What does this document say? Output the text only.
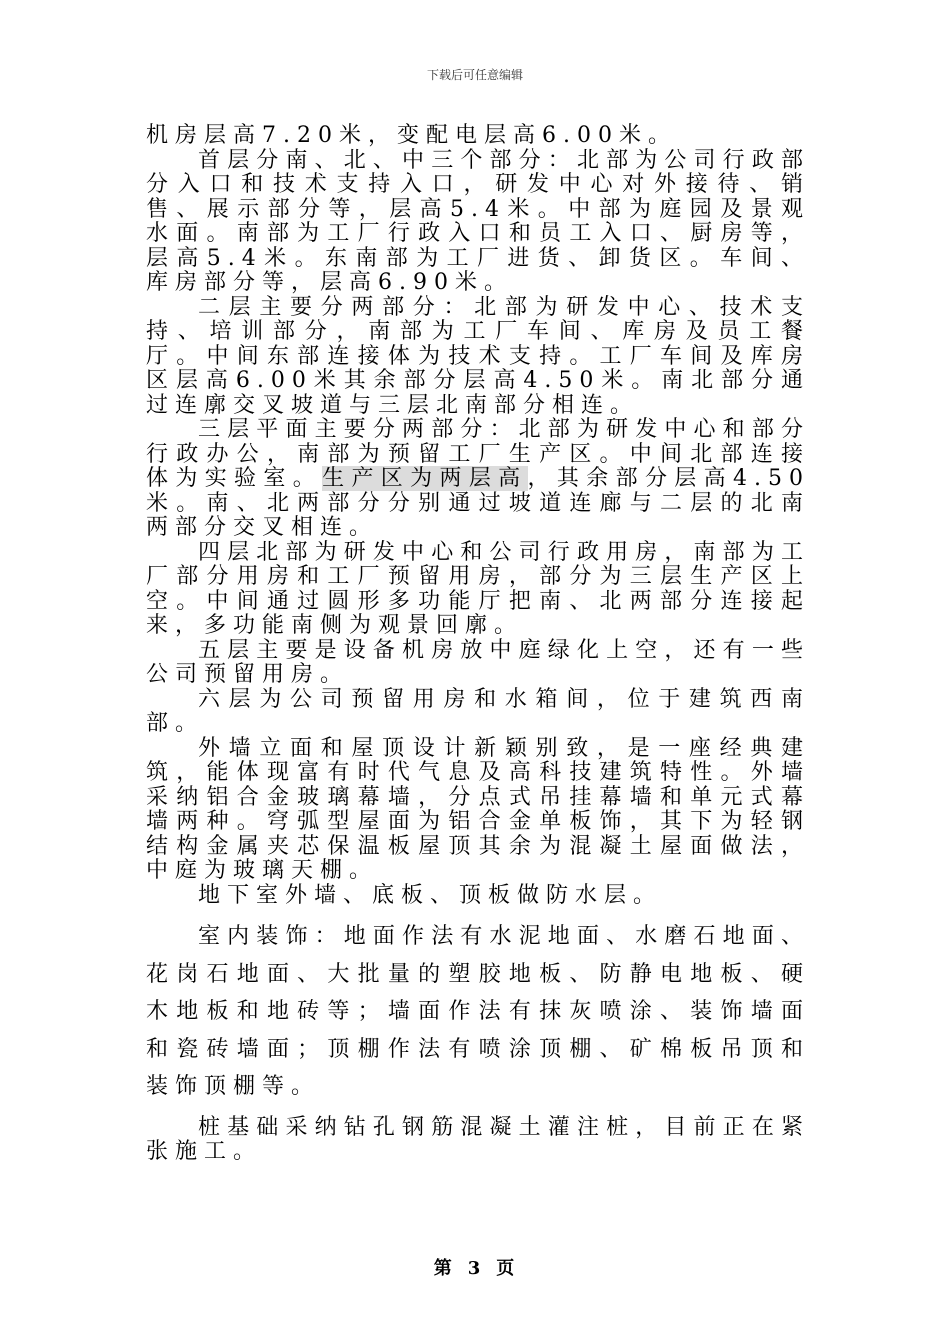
下载后可任意编辑

机房层高7.20米，变配电层高6.00米。

首层分南、北、中三个部分：北部为公司行政部分入口和技术支持入口，研发中心对外接待、销售、展示部分等，层高5.4米。中部为庭园及景观水面。南部为工厂行政入口和员工入口、厨房等，层高5.4米。东南部为工厂进货、卸货区。车间、库房部分等，层高6.90米。

二层主要分两部分：北部为研发中心、技术支持、培训部分，南部为工厂车间、库房及员工餐厅。中间东部连接体为技术支持。工厂车间及库房区层高6.00米其余部分层高4.50米。南北部分通过连廓交叉坡道与三层北南部分相连。

三层平面主要分两部分：北部为研发中心和部分行政办公，南部为预留工厂生产区。中间北部连接体为实验室。生产区为两层高，其余部分层高4.50米。南、北两部分分别通过坡道连廊与二层的北南两部分交叉相连。

四层北部为研发中心和公司行政用房，南部为工厂部分用房和工厂预留用房，部分为三层生产区上空。中间通过圆形多功能厅把南、北两部分连接起来，多功能南侧为观景回廓。

五层主要是设备机房放中庭绿化上空，还有一些公司预留用房。

六层为公司预留用房和水箱间，位于建筑西南部。

外墙立面和屋顶设计新颖别致，是一座经典建筑，能体现富有时代气息及高科技建筑特性。外墙采纳铝合金玻璃幕墙，分点式吊挂幕墙和单元式幕墙两种。穹弧型屋面为铝合金单板饰，其下为轻钢结构金属夹芯保温板屋顶其余为混凝土屋面做法，中庭为玻璃天棚。

地下室外墙、底板、顶板做防水层。

室内装饰：地面作法有水泥地面、水磨石地面、花岗石地面、大批量的塑胶地板、防静电地板、硬木地板和地砖等；墙面作法有抹灰喷涂、装饰墙面和瓷砖墙面；顶棚作法有喷涂顶棚、矿棉板吊顶和装饰顶棚等。

桩基础采纳钻孔钢筋混凝土灌注桩，目前正在紧张施工。

第 3 页
